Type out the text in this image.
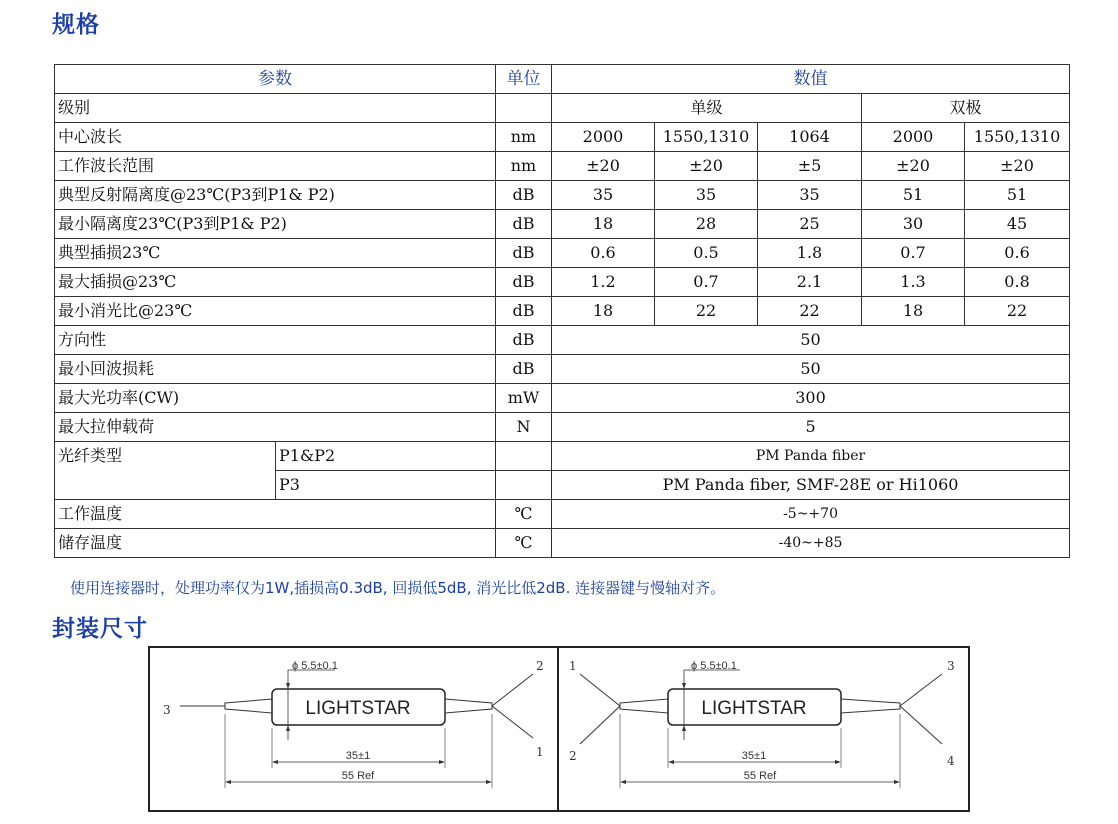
规格
参数		单位	数值				
级别			单级			双极	
中心波长		nm	2000	1550,1310	1064	2000	1550,1310
工作波长范围		nm	±20	±20	±5	±20	±20
典型反射隔离度@23℃(P3到P1& P2)		dB	35	35	35	51	51
最小隔离度23℃(P3到P1& P2)		dB	18	28	25	30	45
典型插损23℃		dB	0.6	0.5	1.8	0.7	0.6
最大插损@23℃		dB	1.2	0.7	2.1	1.3	0.8
最小消光比@23℃		dB	18	22	22	18	22
方向性		dB	50				
最小回波损耗		dB	50				
最大光功率(CW)		mW	300				
最大拉伸载荷		N	5				
光纤类型	P1&P2		PM Panda fiber				
	P3		PM Panda fiber, SMF-28E or Hi1060				
工作温度		℃	-5~+70				
储存温度		℃	-40~+85				
使用连接器时，处理功率仅为1W,插损高0.3dB, 回损低5dB, 消光比低2dB. 连接器键与慢轴对齐。
封装尺寸
ϕ 5.5±0.1
LIGHTSTAR
35±1
55 Ref
3
2
1
ϕ 5.5±0.1
LIGHTSTAR
35±1
55 Ref
1
2
3
4
